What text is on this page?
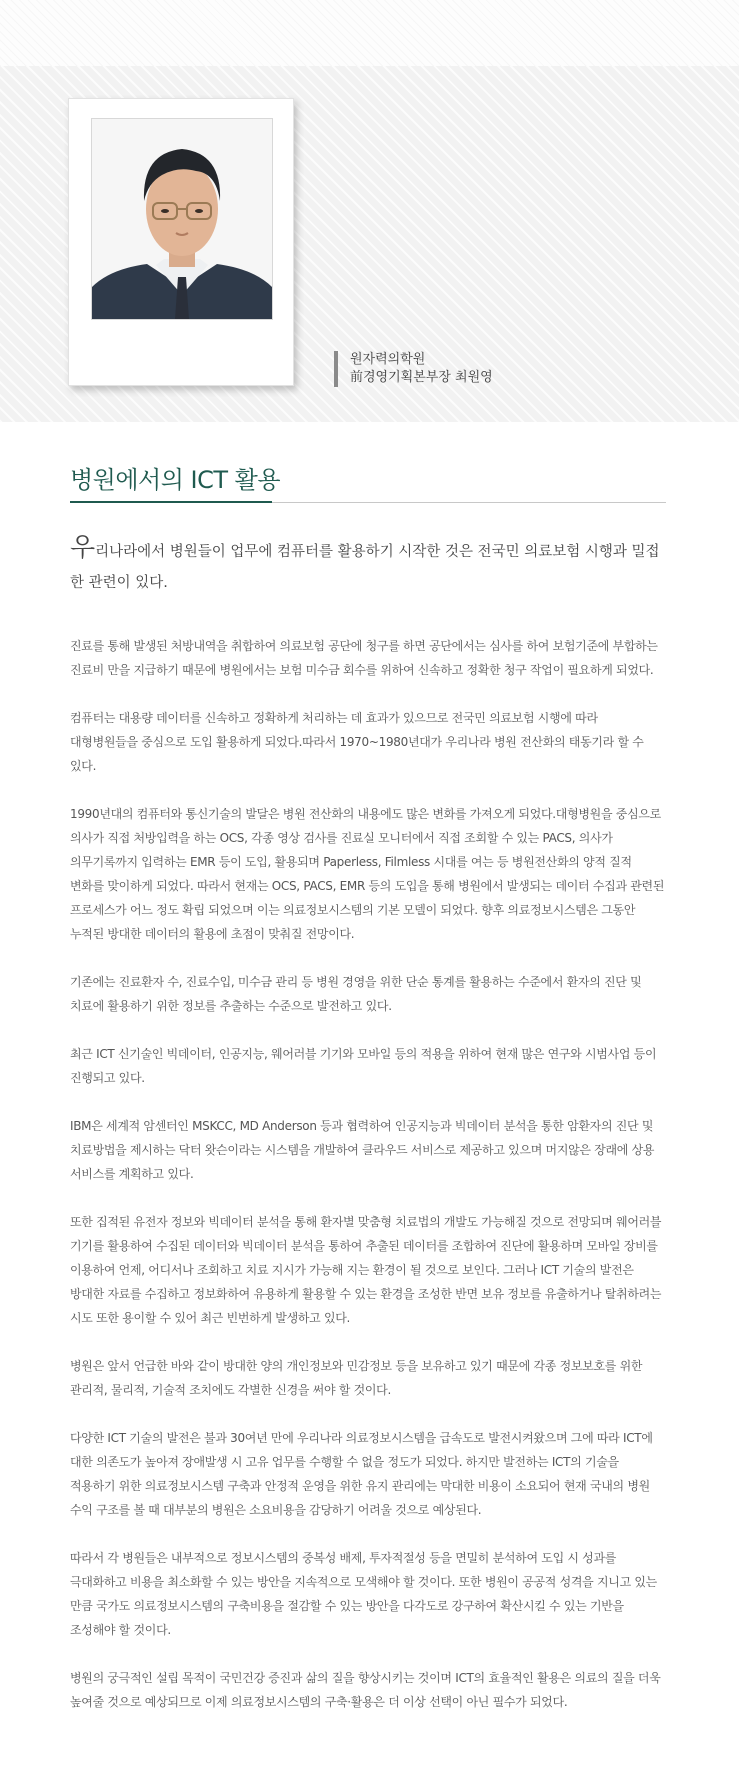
원자력의학원
前경영기획본부장 최원영
병원에서의 ICT 활용

우리나라에서 병원들이 업무에 컴퓨터를 활용하기 시작한 것은 전국민 의료보험 시행과 밀접한 관련이 있다.

진료를 통해 발생된 처방내역을 취합하여 의료보험 공단에 청구를 하면 공단에서는 심사를 하여 보험기준에 부합하는 진료비 만을 지급하기 때문에 병원에서는 보험 미수금 회수를 위하여 신속하고 정확한 청구 작업이 필요하게 되었다.

컴퓨터는 대용량 데이터를 신속하고 정확하게 처리하는 데 효과가 있으므로 전국민 의료보험 시행에 따라 대형병원들을 중심으로 도입 활용하게 되었다.따라서 1970~1980년대가 우리나라 병원 전산화의 태동기라 할 수 있다.

1990년대의 컴퓨터와 통신기술의 발달은 병원 전산화의 내용에도 많은 변화를 가져오게 되었다.대형병원을 중심으로 의사가 직접 처방입력을 하는 OCS, 각종 영상 검사를 진료실 모니터에서 직접 조회할 수 있는 PACS, 의사가 의무기록까지 입력하는 EMR 등이 도입, 활용되며 Paperless, Filmless 시대를 여는 등 병원전산화의 양적 질적 변화를 맞이하게 되었다. 따라서 현재는 OCS, PACS, EMR 등의 도입을 통해 병원에서 발생되는 데이터 수집과 관련된 프로세스가 어느 정도 확립 되었으며 이는 의료정보시스템의 기본 모델이 되었다. 향후 의료정보시스템은 그동안 누적된 방대한 데이터의 활용에 초점이 맞춰질 전망이다.

기존에는 진료환자 수, 진료수입, 미수금 관리 등 병원 경영을 위한 단순 통계를 활용하는 수준에서 환자의 진단 및 치료에 활용하기 위한 정보를 추출하는 수준으로 발전하고 있다.

최근 ICT 신기술인 빅데이터, 인공지능, 웨어러블 기기와 모바일 등의 적용을 위하여 현재 많은 연구와 시범사업 등이 진행되고 있다.

IBM은 세계적 암센터인 MSKCC, MD Anderson 등과 협력하여 인공지능과 빅데이터 분석을 통한 암환자의 진단 및 치료방법을 제시하는 닥터 왓슨이라는 시스템을 개발하여 클라우드 서비스로 제공하고 있으며 머지않은 장래에 상용 서비스를 계획하고 있다.

또한 집적된 유전자 정보와 빅데이터 분석을 통해 환자별 맞춤형 치료법의 개발도 가능해질 것으로 전망되며 웨어러블 기기를 활용하여 수집된 데이터와 빅데이터 분석을 통하여 추출된 데이터를 조합하여 진단에 활용하며 모바일 장비를 이용하여 언제, 어디서나 조회하고 치료 지시가 가능해 지는 환경이 될 것으로 보인다. 그러나 ICT 기술의 발전은 방대한 자료를 수집하고 정보화하여 유용하게 활용할 수 있는 환경을 조성한 반면 보유 정보를 유출하거나 탈취하려는 시도 또한 용이할 수 있어 최근 빈번하게 발생하고 있다.

병원은 앞서 언급한 바와 같이 방대한 양의 개인정보와 민감정보 등을 보유하고 있기 때문에 각종 정보보호를 위한 관리적, 물리적, 기술적 조치에도 각별한 신경을 써야 할 것이다.

다양한 ICT 기술의 발전은 불과 30여년 만에 우리나라 의료정보시스템을 급속도로 발전시켜왔으며 그에 따라 ICT에 대한 의존도가 높아져 장애발생 시 고유 업무를 수행할 수 없을 정도가 되었다. 하지만 발전하는 ICT의 기술을 적용하기 위한 의료정보시스템 구축과 안정적 운영을 위한 유지 관리에는 막대한 비용이 소요되어 현재 국내의 병원 수익 구조를 볼 때 대부분의 병원은 소요비용을 감당하기 어려울 것으로 예상된다.

따라서 각 병원들은 내부적으로 정보시스템의 중복성 배제, 투자적절성 등을 면밀히 분석하여 도입 시 성과를 극대화하고 비용을 최소화할 수 있는 방안을 지속적으로 모색해야 할 것이다. 또한 병원이 공공적 성격을 지니고 있는 만큼 국가도 의료정보시스템의 구축비용을 절감할 수 있는 방안을 다각도로 강구하여 확산시킬 수 있는 기반을 조성해야 할 것이다.

병원의 궁극적인 설립 목적이 국민건강 증진과 삶의 질을 향상시키는 것이며 ICT의 효율적인 활용은 의료의 질을 더욱 높여줄 것으로 예상되므로 이제 의료정보시스템의 구축·활용은 더 이상 선택이 아닌 필수가 되었다.
